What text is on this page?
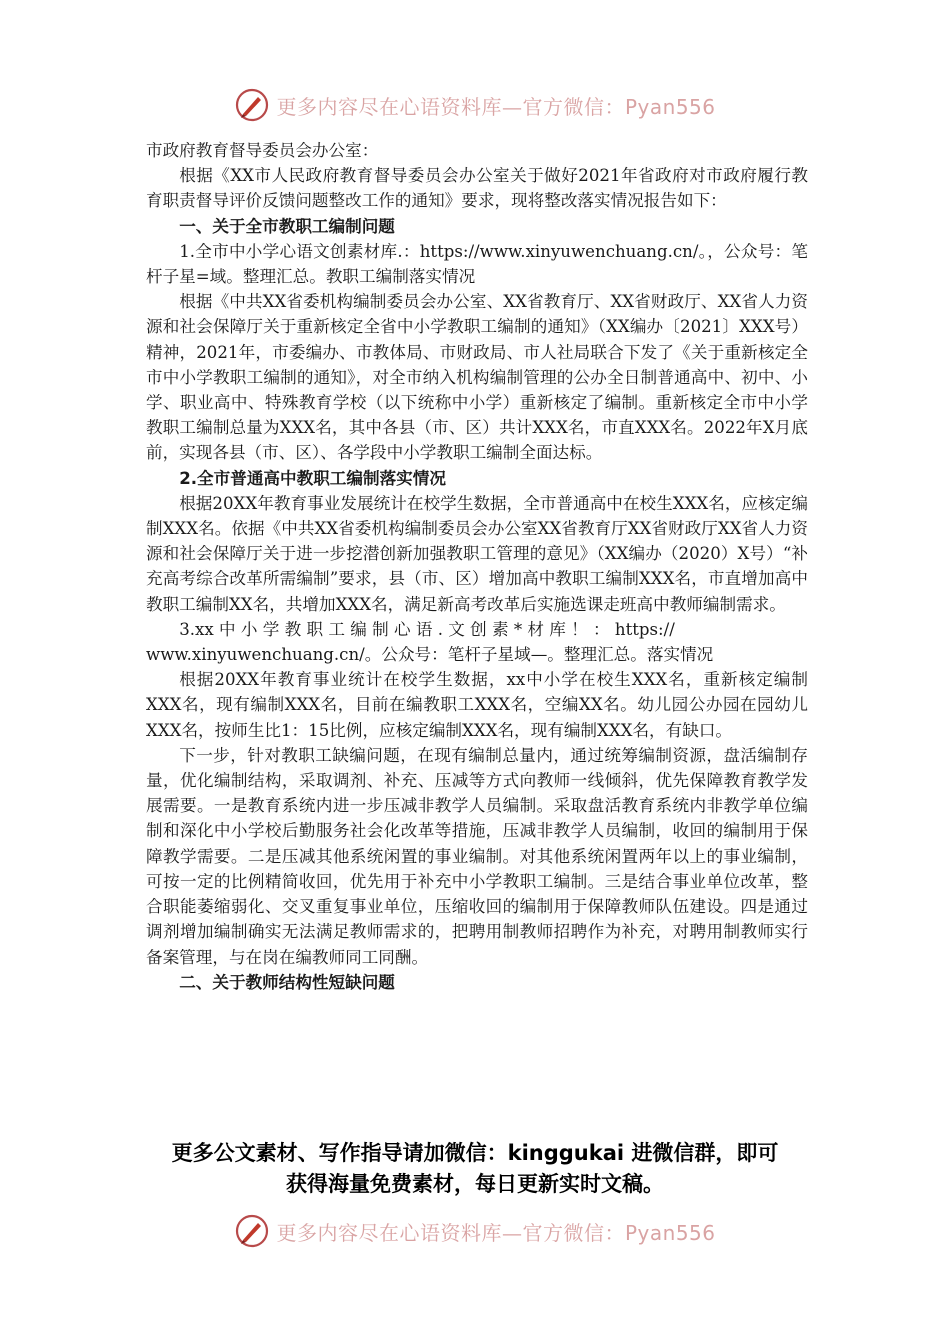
更多内容尽在心语资料库—官方微信：Pyan556

市政府教育督导委员会办公室：

根据《XX市人民政府教育督导委员会办公室关于做好2021年省政府对市政府履行教育职责督导评价反馈问题整改工作的通知》要求，现将整改落实情况报告如下：

一、关于全市教职工编制问题

1.全市中小学心语文创素材库.：https://www.xinyuwenchuang.cn/。，公众号：笔杆子星=域。整理汇总。教职工编制落实情况

根据《中共XX省委机构编制委员会办公室、XX省教育厅、XX省财政厅、XX省人力资源和社会保障厅关于重新核定全省中小学教职工编制的通知》（XX编办〔2021〕XXX号）精神，2021年，市委编办、市教体局、市财政局、市人社局联合下发了《关于重新核定全市中小学教职工编制的通知》，对全市纳入机构编制管理的公办全日制普通高中、初中、小学、职业高中、特殊教育学校（以下统称中小学）重新核定了编制。重新核定全市中小学教职工编制总量为XXX名，其中各县（市、区）共计XXX名，市直XXX名。2022年X月底前，实现各县（市、区）、各学段中小学教职工编制全面达标。

2.全市普通高中教职工编制落实情况

根据20XX年教育事业发展统计在校学生数据，全市普通高中在校生XXX名，应核定编制XXX名。依据《中共XX省委机构编制委员会办公室XX省教育厅XX省财政厅XX省人力资源和社会保障厅关于进一步挖潜创新加强教职工管理的意见》（XX编办（2020）X号）“补充高考综合改革所需编制”要求，县（市、区）增加高中教职工编制XXX名，市直增加高中教职工编制XX名，共增加XXX名，满足新高考改革后实施选课走班高中教师编制需求。

3.xx 中 小 学 教 职 工 编 制 心 语 . 文 创 素 * 材 库 ！ ： https://

www.xinyuwenchuang.cn/。公众号：笔杆子星域—。整理汇总。落实情况

根据20XX年教育事业统计在校学生数据，xx中小学在校生XXX名，重新核定编制XXX名，现有编制XXX名，目前在编教职工XXX名，空编XX名。幼儿园公办园在园幼儿XXX名，按师生比1：15比例，应核定编制XXX名，现有编制XXX名，有缺口。

下一步，针对教职工缺编问题，在现有编制总量内，通过统筹编制资源，盘活编制存量，优化编制结构，采取调剂、补充、压减等方式向教师一线倾斜，优先保障教育教学发展需要。一是教育系统内进一步压减非教学人员编制。采取盘活教育系统内非教学单位编制和深化中小学校后勤服务社会化改革等措施，压减非教学人员编制，收回的编制用于保障教学需要。二是压减其他系统闲置的事业编制。对其他系统闲置两年以上的事业编制，可按一定的比例精简收回，优先用于补充中小学教职工编制。三是结合事业单位改革，整合职能萎缩弱化、交叉重复事业单位，压缩收回的编制用于保障教师队伍建设。四是通过调剂增加编制确实无法满足教师需求的，把聘用制教师招聘作为补充，对聘用制教师实行备案管理，与在岗在编教师同工同酬。

二、关于教师结构性短缺问题

更多公文素材、写作指导请加微信：kinggukai 进微信群，即可
获得海量免费素材，每日更新实时文稿。
更多内容尽在心语资料库—官方微信：Pyan556
